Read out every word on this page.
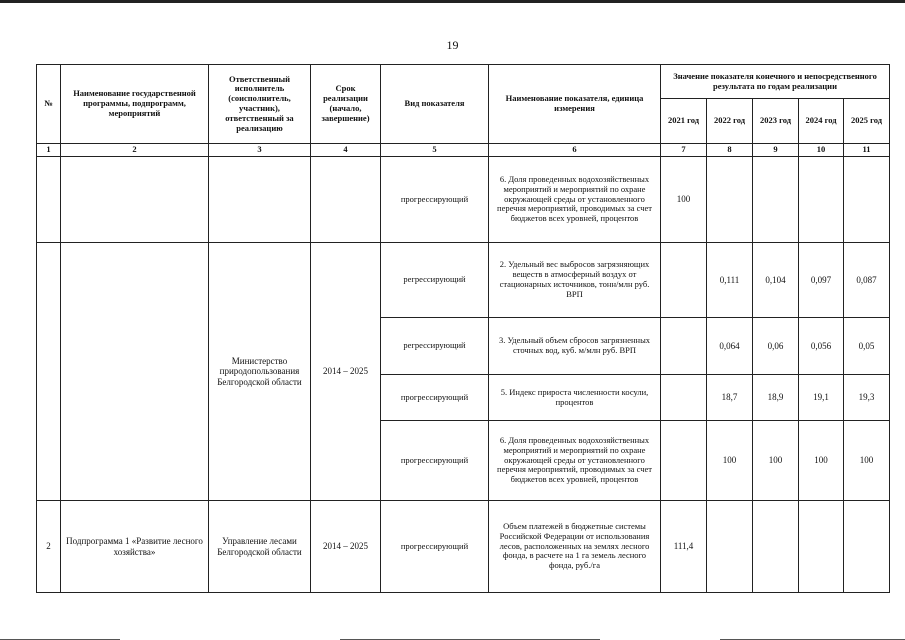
19
№	Наименование государственной программы, подпрограмм, мероприятий	Ответственный исполнитель (соисполнитель, участник), ответственный за реализацию	Срок реализации (начало, завершение)	Вид показателя	Наименование показателя, единица измерения	Значение показателя конечного и непосредственного результата по годам реализации				
						2021 год	2022 год	2023 год	2024 год	2025 год
1	2	3	4	5	6	7	8	9	10	11
				прогрессирующий	6. Доля проведенных водохозяйственных мероприятий и мероприятий по охране окружающей среды от установленного перечня мероприятий, проводимых за счет бюджетов всех уровней, процентов	100				
		Министерство природопользования Белгородской области	2014 – 2025	регрессирующий	2. Удельный вес выбросов загрязняющих веществ в атмосферный воздух от стационарных источников, тонн/млн руб. ВРП		0,111	0,104	0,097	0,087
				регрессирующий	3. Удельный объем сбросов загрязненных сточных вод, куб. м/млн руб. ВРП		0,064	0,06	0,056	0,05
				прогрессирующий	5. Индекс прироста численности косули, процентов		18,7	18,9	19,1	19,3
				прогрессирующий	6. Доля проведенных водохозяйственных мероприятий и мероприятий по охране окружающей среды от установленного перечня мероприятий, проводимых за счет бюджетов всех уровней, процентов		100	100	100	100
2	Подпрограмма 1 «Развитие лесного хозяйства»	Управление лесами Белгородской области	2014 – 2025	прогрессирующий	Объем платежей в бюджетные системы Российской Федерации от использования лесов, расположенных на землях лесного фонда, в расчете на 1 га земель лесного фонда, руб./га	111,4				
